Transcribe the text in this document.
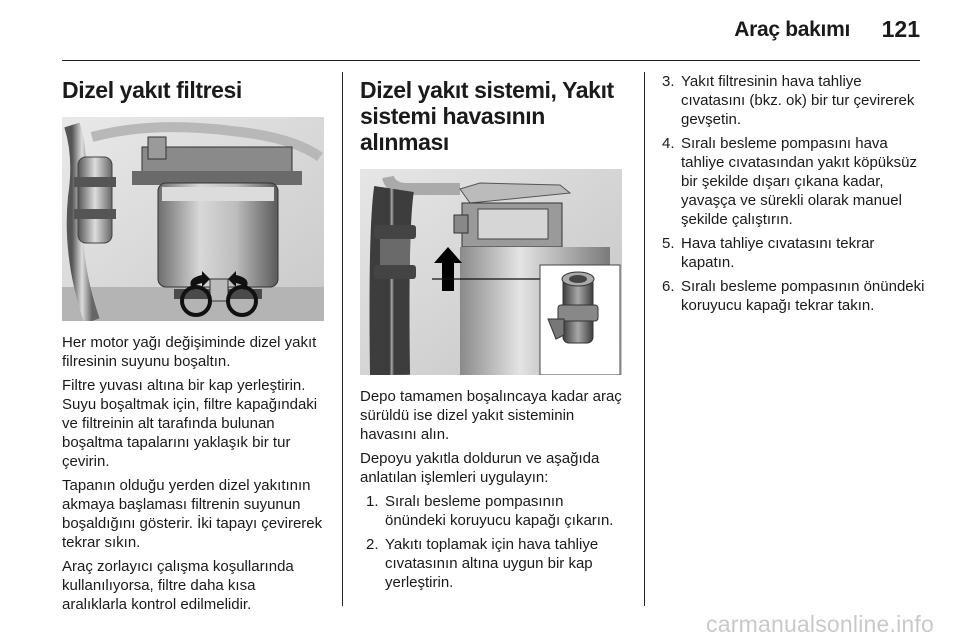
Araç bakımı 121
Dizel yakıt filtresi

Her motor yağı değişiminde dizel yakıt filresinin suyunu boşaltın.

Filtre yuvası altına bir kap yerleştirin. Suyu boşaltmak için, filtre kapağındaki ve filtreinin alt tarafında bulunan boşaltma tapalarını yaklaşık bir tur çevirin.

Tapanın olduğu yerden dizel yakıtının akmaya başlaması filtrenin suyunun boşaldığını gösterir. İki tapayı çevirerek tekrar sıkın.

Araç zorlayıcı çalışma koşullarında kullanılıyorsa, filtre daha kısa aralıklarla kontrol edilmelidir.

Dizel yakıt sistemi, Yakıt sistemi havasının alınması

Depo tamamen boşalıncaya kadar araç sürüldü ise dizel yakıt sisteminin havasını alın.

Depoyu yakıtla doldurun ve aşağıda anlatılan işlemleri uygulayın:

1. Sıralı besleme pompasının önündeki koruyucu kapağı çıkarın.
2. Yakıtı toplamak için hava tahliye cıvatasının altına uygun bir kap yerleştirin.
3. Yakıt filtresinin hava tahliye cıvatasını (bkz. ok) bir tur çevirerek gevşetin.
4. Sıralı besleme pompasını hava tahliye cıvatasından yakıt köpüksüz bir şekilde dışarı çıkana kadar, yavaşça ve sürekli olarak manuel şekilde çalıştırın.
5. Hava tahliye cıvatasını tekrar kapatın.
6. Sıralı besleme pompasının önündeki koruyucu kapağı tekrar takın.
carmanualsonline.info
